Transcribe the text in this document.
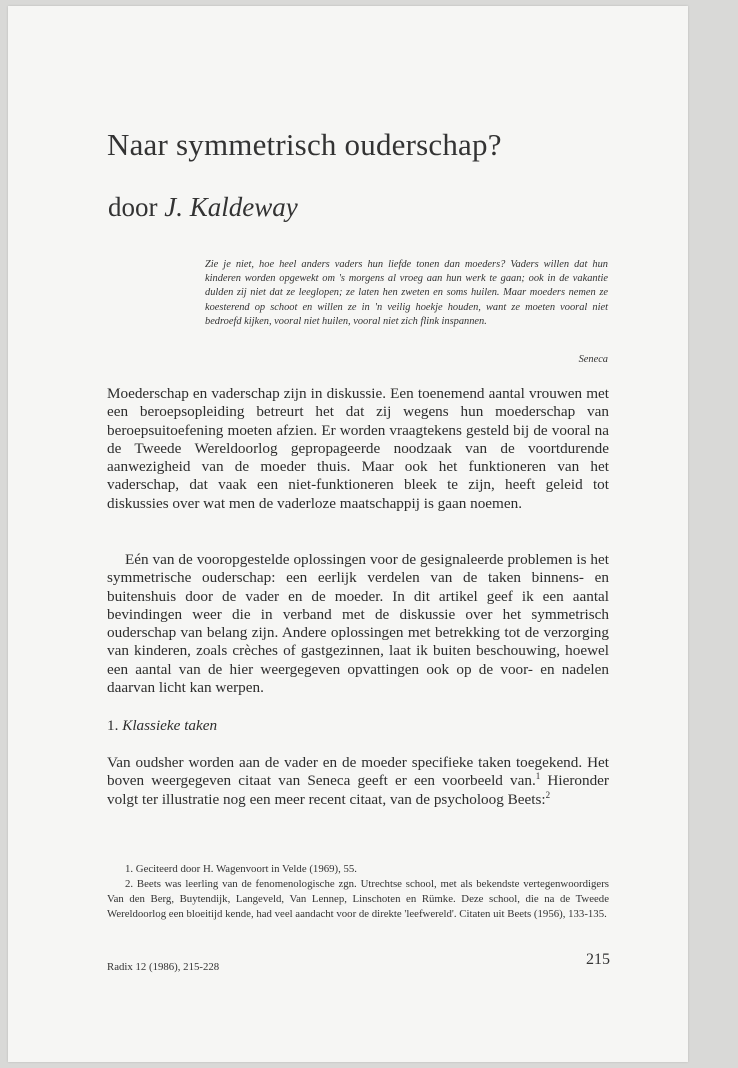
Naar symmetrisch ouderschap?
door J. Kaldeway
Zie je niet, hoe heel anders vaders hun liefde tonen dan moeders? Vaders willen dat hun kinderen worden opgewekt om 's morgens al vroeg aan hun werk te gaan; ook in de vakantie dulden zij niet dat ze leeglopen; ze laten hen zweten en soms huilen. Maar moeders nemen ze koesterend op schoot en willen ze in 'n veilig hoekje houden, want ze moeten vooral niet bedroefd kijken, vooral niet huilen, vooral niet zich flink inspannen.
Seneca

Moederschap en vaderschap zijn in diskussie. Een toenemend aantal vrouwen met een beroepsopleiding betreurt het dat zij wegens hun moederschap van beroepsuitoefening moeten afzien. Er worden vraagtekens gesteld bij de vooral na de Tweede Wereldoorlog gepropageerde noodzaak van de voortdurende aanwezigheid van de moeder thuis. Maar ook het funktioneren van het vaderschap, dat vaak een niet-funktioneren bleek te zijn, heeft geleid tot diskussies over wat men de vaderloze maatschappij is gaan noemen.

Eén van de vooropgestelde oplossingen voor de gesignaleerde problemen is het symmetrische ouderschap: een eerlijk verdelen van de taken binnens- en buitenshuis door de vader en de moeder. In dit artikel geef ik een aantal bevindingen weer die in verband met de diskussie over het symmetrisch ouderschap van belang zijn. Andere oplossingen met betrekking tot de verzorging van kinderen, zoals crèches of gastgezinnen, laat ik buiten beschouwing, hoewel een aantal van de hier weergegeven opvattingen ook op de voor- en nadelen daarvan licht kan werpen.

1. Klassieke taken

Van oudsher worden aan de vader en de moeder specifieke taken toegekend. Het boven weergegeven citaat van Seneca geeft er een voorbeeld van.$^1$ Hieronder volgt ter illustratie nog een meer recent citaat, van de psycholoog Beets:$^2$

1. Geciteerd door H. Wagenvoort in Velde (1969), 55.

2. Beets was leerling van de fenomenologische zgn. Utrechtse school, met als bekendste vertegenwoordigers Van den Berg, Buytendijk, Langeveld, Van Lennep, Linschoten en Rümke. Deze school, die na de Tweede Wereldoorlog een bloeitijd kende, had veel aandacht voor de direkte 'leefwereld'. Citaten uit Beets (1956), 133-135.

Radix 12 (1986), 215-228	215
